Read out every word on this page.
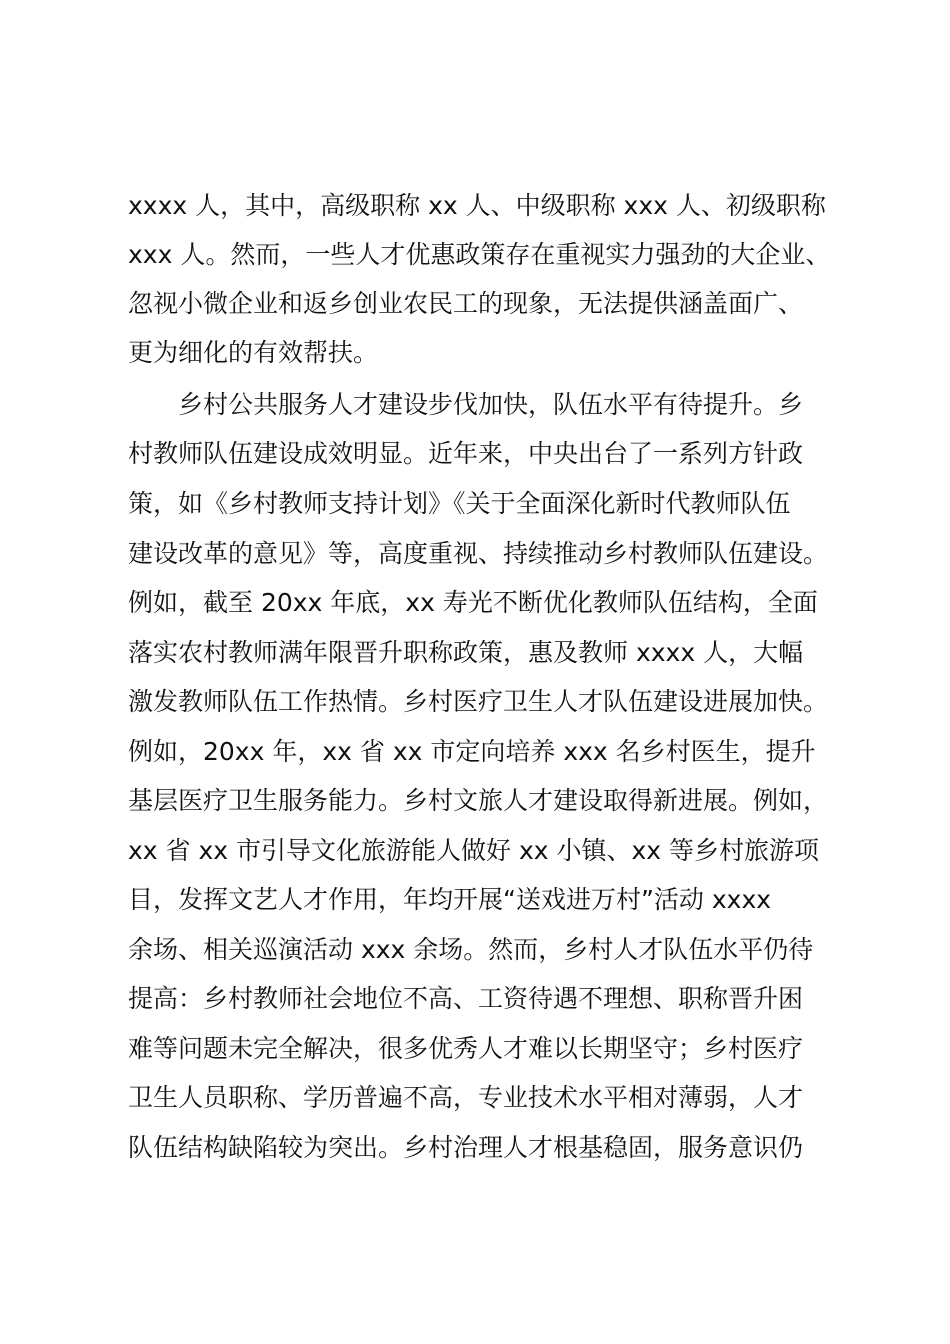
xxxx 人，其中，高级职称 xx 人、中级职称 xxx 人、初级职称
xxx 人。然而，一些人才优惠政策存在重视实力强劲的大企业、
忽视小微企业和返乡创业农民工的现象，无法提供涵盖面广、
更为细化的有效帮扶。
乡村公共服务人才建设步伐加快，队伍水平有待提升。乡
村教师队伍建设成效明显。近年来，中央出台了一系列方针政
策，如《乡村教师支持计划》《关于全面深化新时代教师队伍
建设改革的意见》等，高度重视、持续推动乡村教师队伍建设。
例如，截至 20xx 年底，xx 寿光不断优化教师队伍结构，全面
落实农村教师满年限晋升职称政策，惠及教师 xxxx 人，大幅
激发教师队伍工作热情。乡村医疗卫生人才队伍建设进展加快。
例如，20xx 年，xx 省 xx 市定向培养 xxx 名乡村医生，提升
基层医疗卫生服务能力。乡村文旅人才建设取得新进展。例如，
xx 省 xx 市引导文化旅游能人做好 xx 小镇、xx 等乡村旅游项
目，发挥文艺人才作用，年均开展“送戏进万村”活动 xxxx
余场、相关巡演活动 xxx 余场。然而，乡村人才队伍水平仍待
提高：乡村教师社会地位不高、工资待遇不理想、职称晋升困
难等问题未完全解决，很多优秀人才难以长期坚守；乡村医疗
卫生人员职称、学历普遍不高，专业技术水平相对薄弱，人才
队伍结构缺陷较为突出。乡村治理人才根基稳固，服务意识仍
